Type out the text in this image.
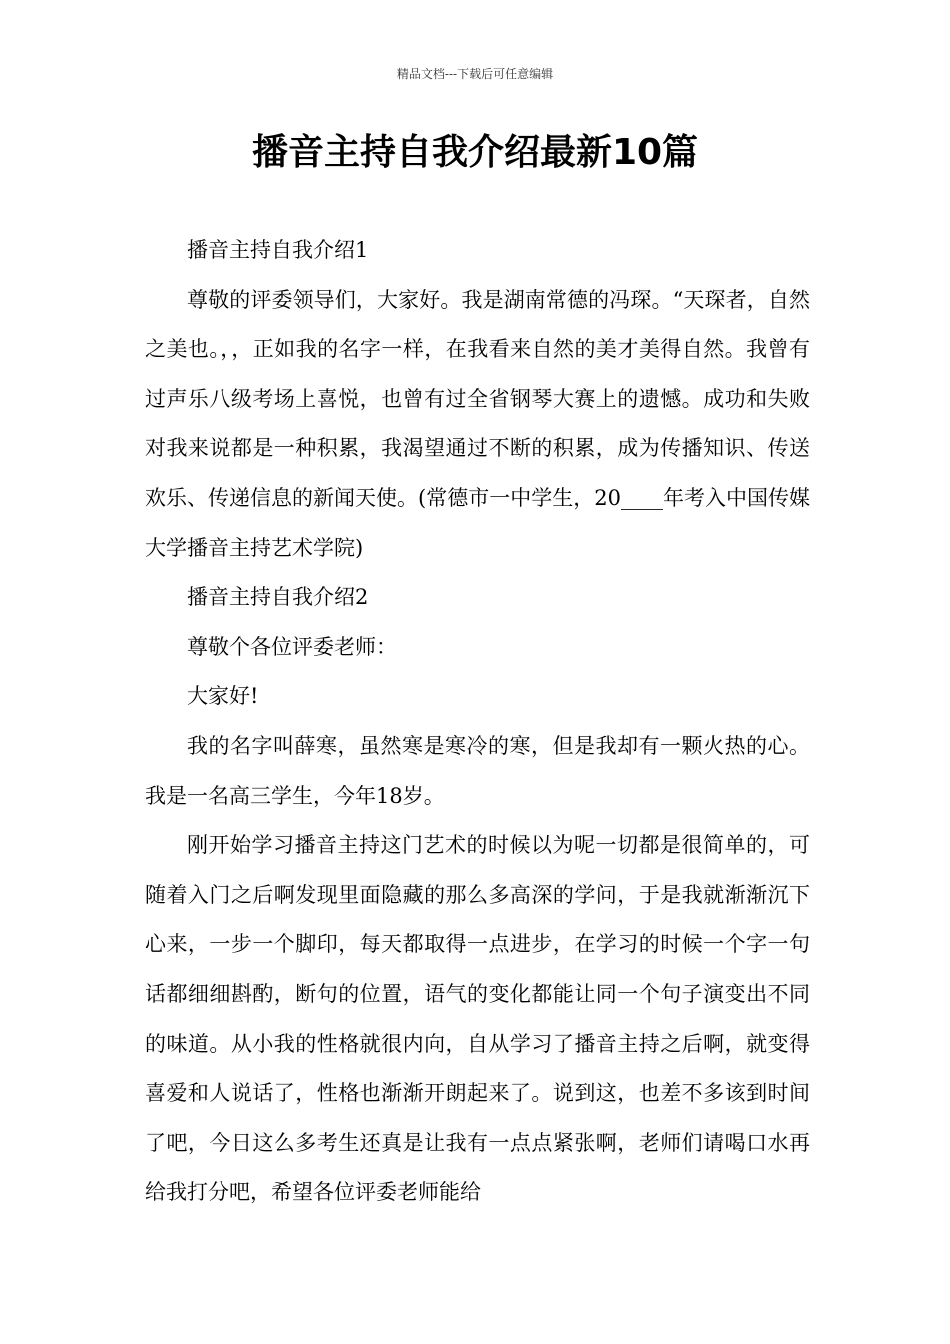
精品文档---下载后可任意编辑
播音主持自我介绍最新10篇

播音主持自我介绍1

尊敬的评委领导们，大家好。我是湖南常德的冯琛。“天琛者，自然之美也。，，正如我的名字一样，在我看来自然的美才美得自然。我曾有过声乐八级考场上喜悦，也曾有过全省钢琴大赛上的遗憾。成功和失败对我来说都是一种积累，我渴望通过不断的积累，成为传播知识、传送欢乐、传递信息的新闻天使。(常德市一中学生，20____年考入中国传媒大学播音主持艺术学院)

播音主持自我介绍2

尊敬个各位评委老师：

大家好!

我的名字叫薛寒，虽然寒是寒冷的寒，但是我却有一颗火热的心。我是一名高三学生，今年18岁。

刚开始学习播音主持这门艺术的时候以为呢一切都是很简单的，可随着入门之后啊发现里面隐藏的那么多高深的学问，于是我就渐渐沉下心来，一步一个脚印，每天都取得一点进步，在学习的时候一个字一句话都细细斟酌，断句的位置，语气的变化都能让同一个句子演变出不同的味道。从小我的性格就很内向，自从学习了播音主持之后啊，就变得喜爱和人说话了，性格也渐渐开朗起来了。说到这，也差不多该到时间了吧，今日这么多考生还真是让我有一点点紧张啊，老师们请喝口水再给我打分吧，希望各位评委老师能给
